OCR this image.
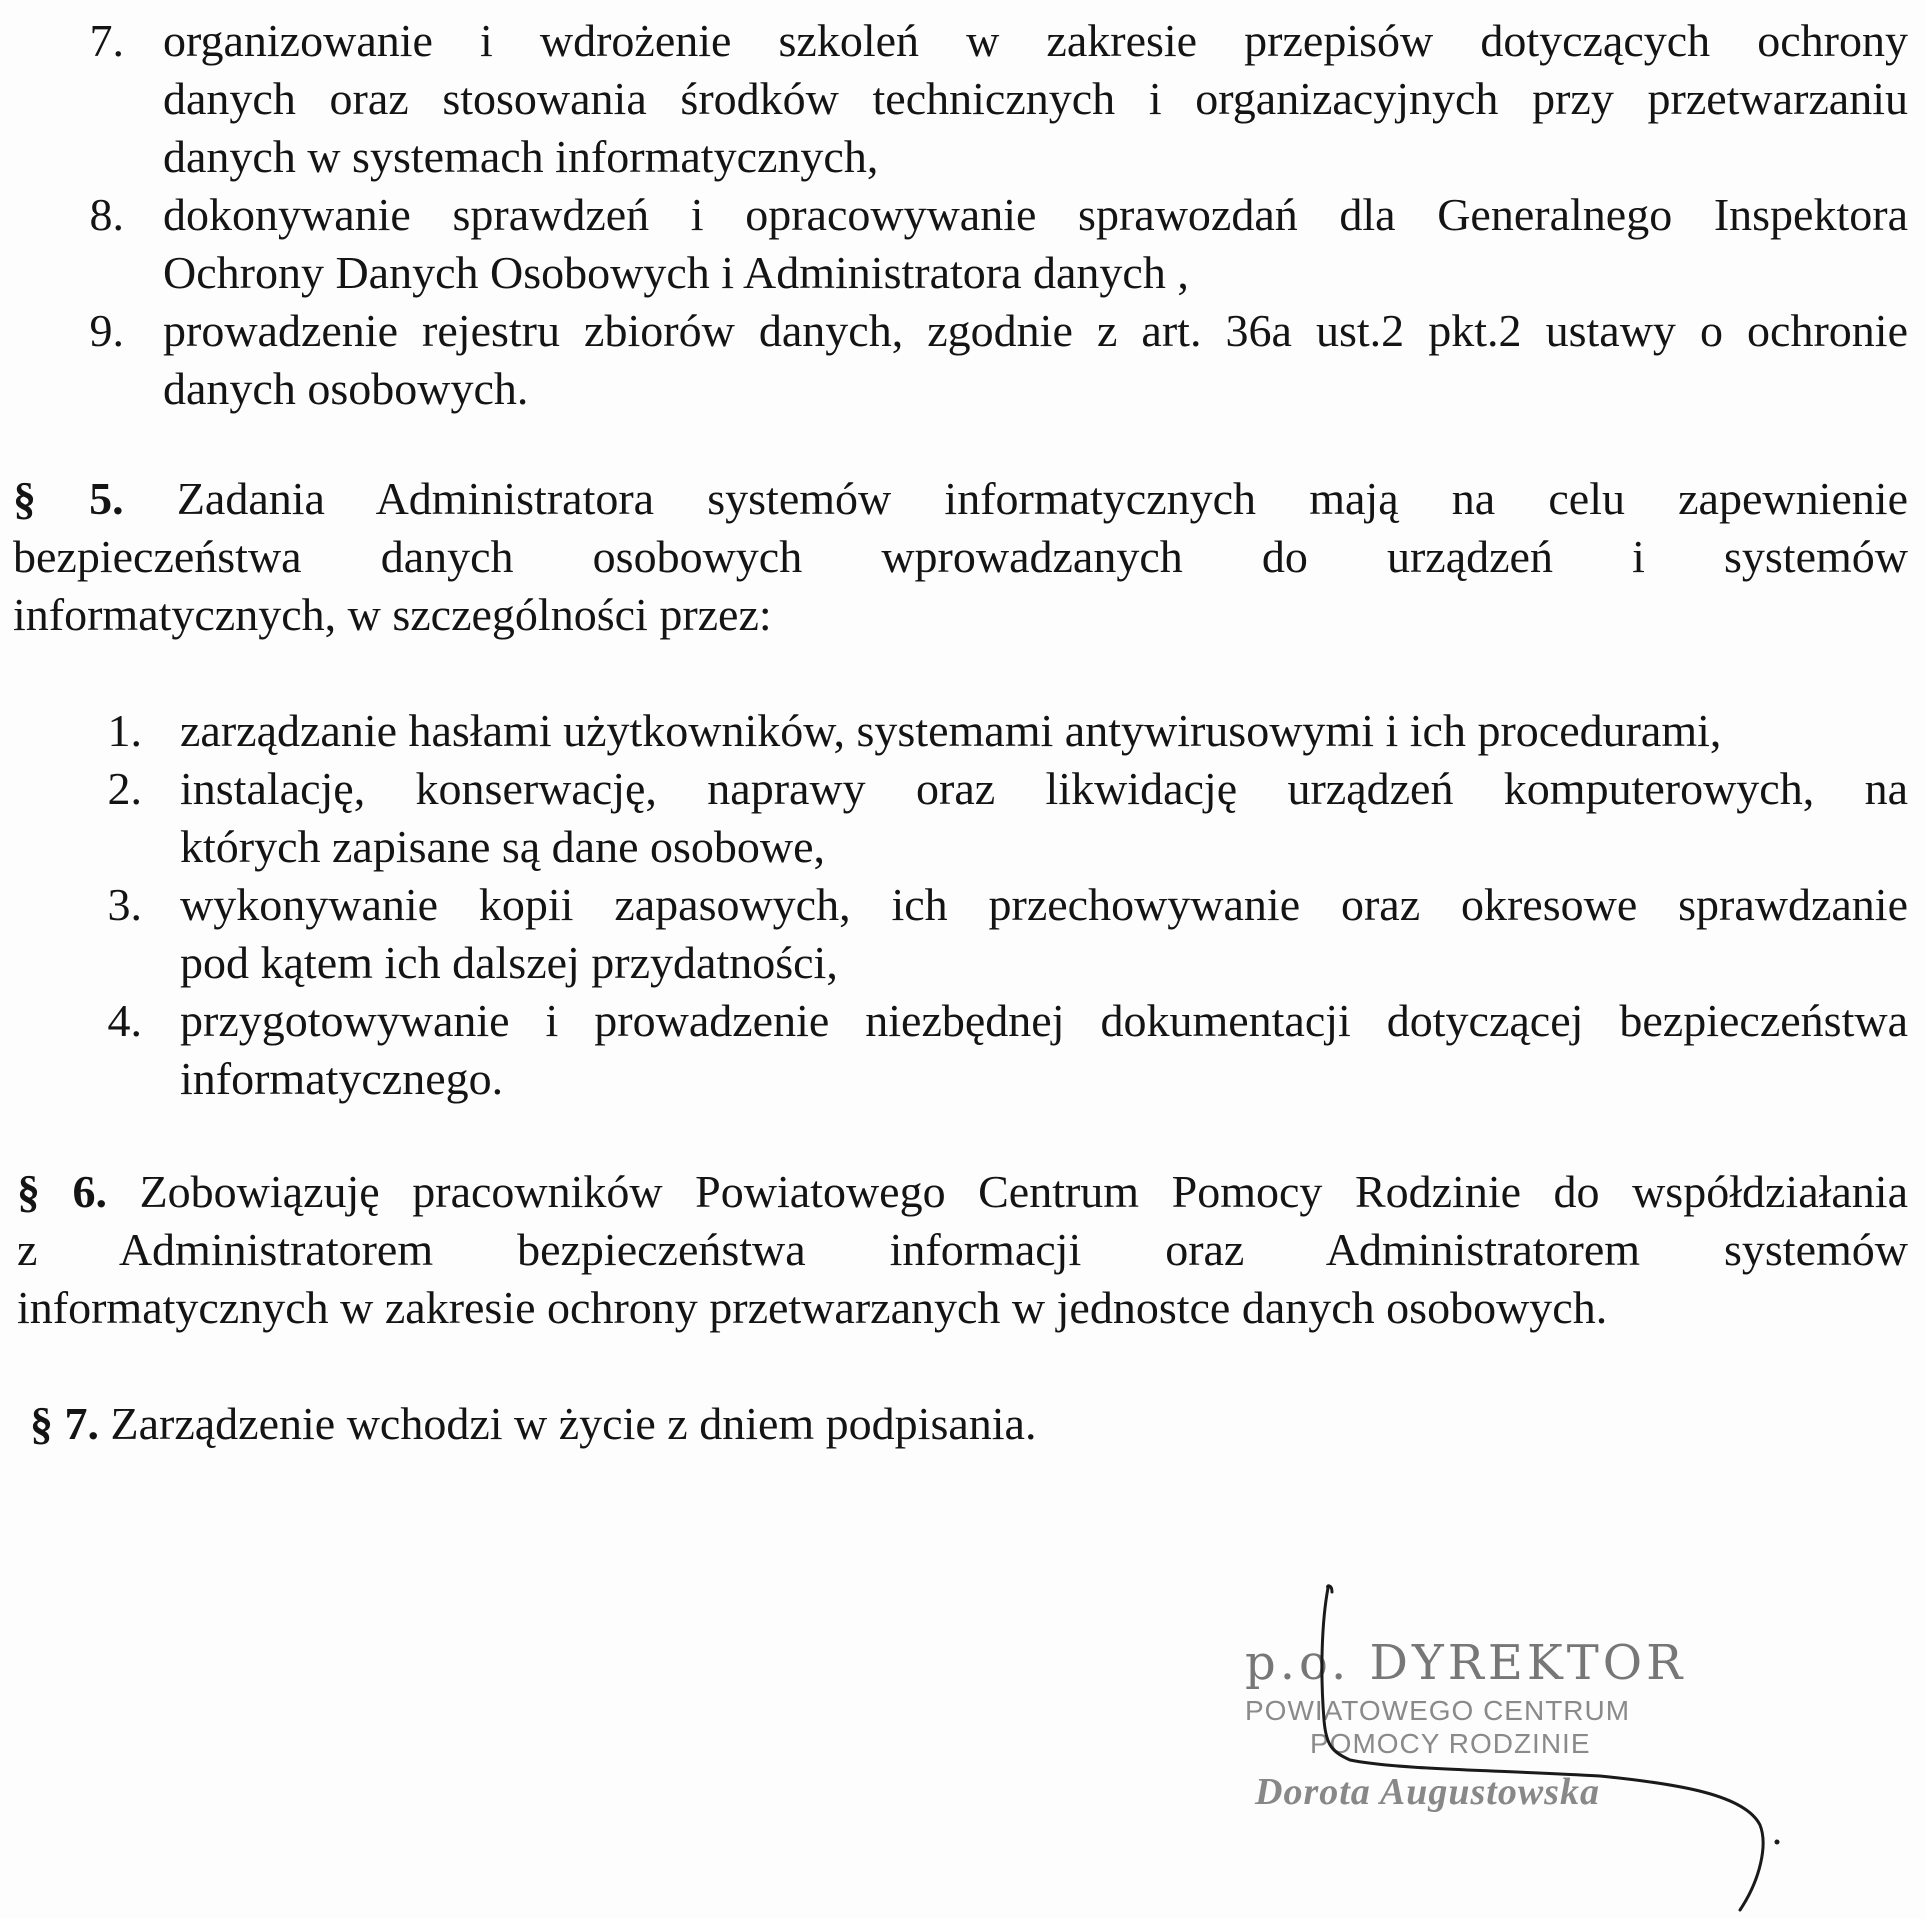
7. organizowanie i wdrożenie szkoleń w zakresie przepisów dotyczących ochrony
danych oraz stosowania środków technicznych i organizacyjnych przy przetwarzaniu
danych w systemach informatycznych,
8. dokonywanie sprawdzeń i opracowywanie sprawozdań dla Generalnego Inspektora
Ochrony Danych Osobowych i Administratora danych ,
9. prowadzenie rejestru zbiorów danych, zgodnie z art. 36a ust.2 pkt.2 ustawy o ochronie
danych osobowych.
§ 5. Zadania Administratora systemów informatycznych mają na celu zapewnienie
bezpieczeństwa danych osobowych wprowadzanych do urządzeń i systemów
informatycznych, w szczególności przez:
1. zarządzanie hasłami użytkowników, systemami antywirusowymi i ich procedurami,
2. instalację, konserwację, naprawy oraz likwidację urządzeń komputerowych, na
których zapisane są dane osobowe,
3. wykonywanie kopii zapasowych, ich przechowywanie oraz okresowe sprawdzanie
pod kątem ich dalszej przydatności,
4. przygotowywanie i prowadzenie niezbędnej dokumentacji dotyczącej bezpieczeństwa
informatycznego.
§ 6. Zobowiązuję pracowników Powiatowego Centrum Pomocy Rodzinie do współdziałania
z Administratorem bezpieczeństwa informacji oraz Administratorem systemów
informatycznych w zakresie ochrony przetwarzanych w jednostce danych osobowych.
§ 7. Zarządzenie wchodzi w życie z dniem podpisania.
p.o. DYREKTOR
POWIATOWEGO CENTRUM
POMOCY RODZINIE
Dorota Augustowska
